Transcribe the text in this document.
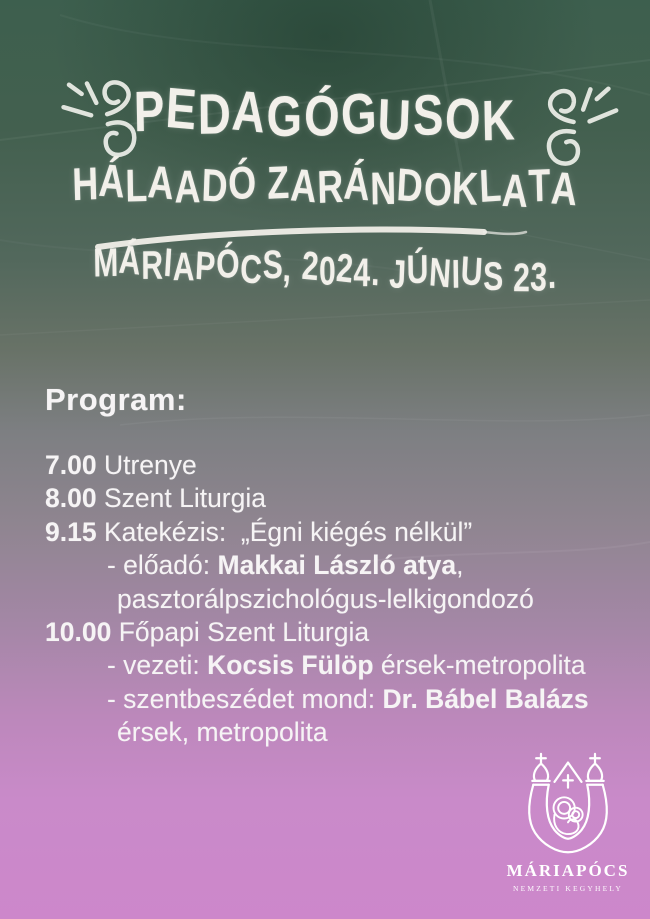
PEDAGÓGUSOK
HÁLAADÓ ZARÁNDOKLATA
MÁRIAPÓCS, 2024. JÚNIUS 23.
Program:
7.00 Utrenye
8.00 Szent Liturgia
9.15 Katekézis:  „Égni kiégés nélkül”
- előadó: Makkai László atya,
pasztorálpszichológus-lelkigondozó
10.00 Főpapi Szent Liturgia
- vezeti: Kocsis Fülöp érsek-metropolita
- szentbeszédet mond: Dr. Bábel Balázs
érsek, metropolita
MÁRIAPÓCS
NEMZETI KEGYHELY
